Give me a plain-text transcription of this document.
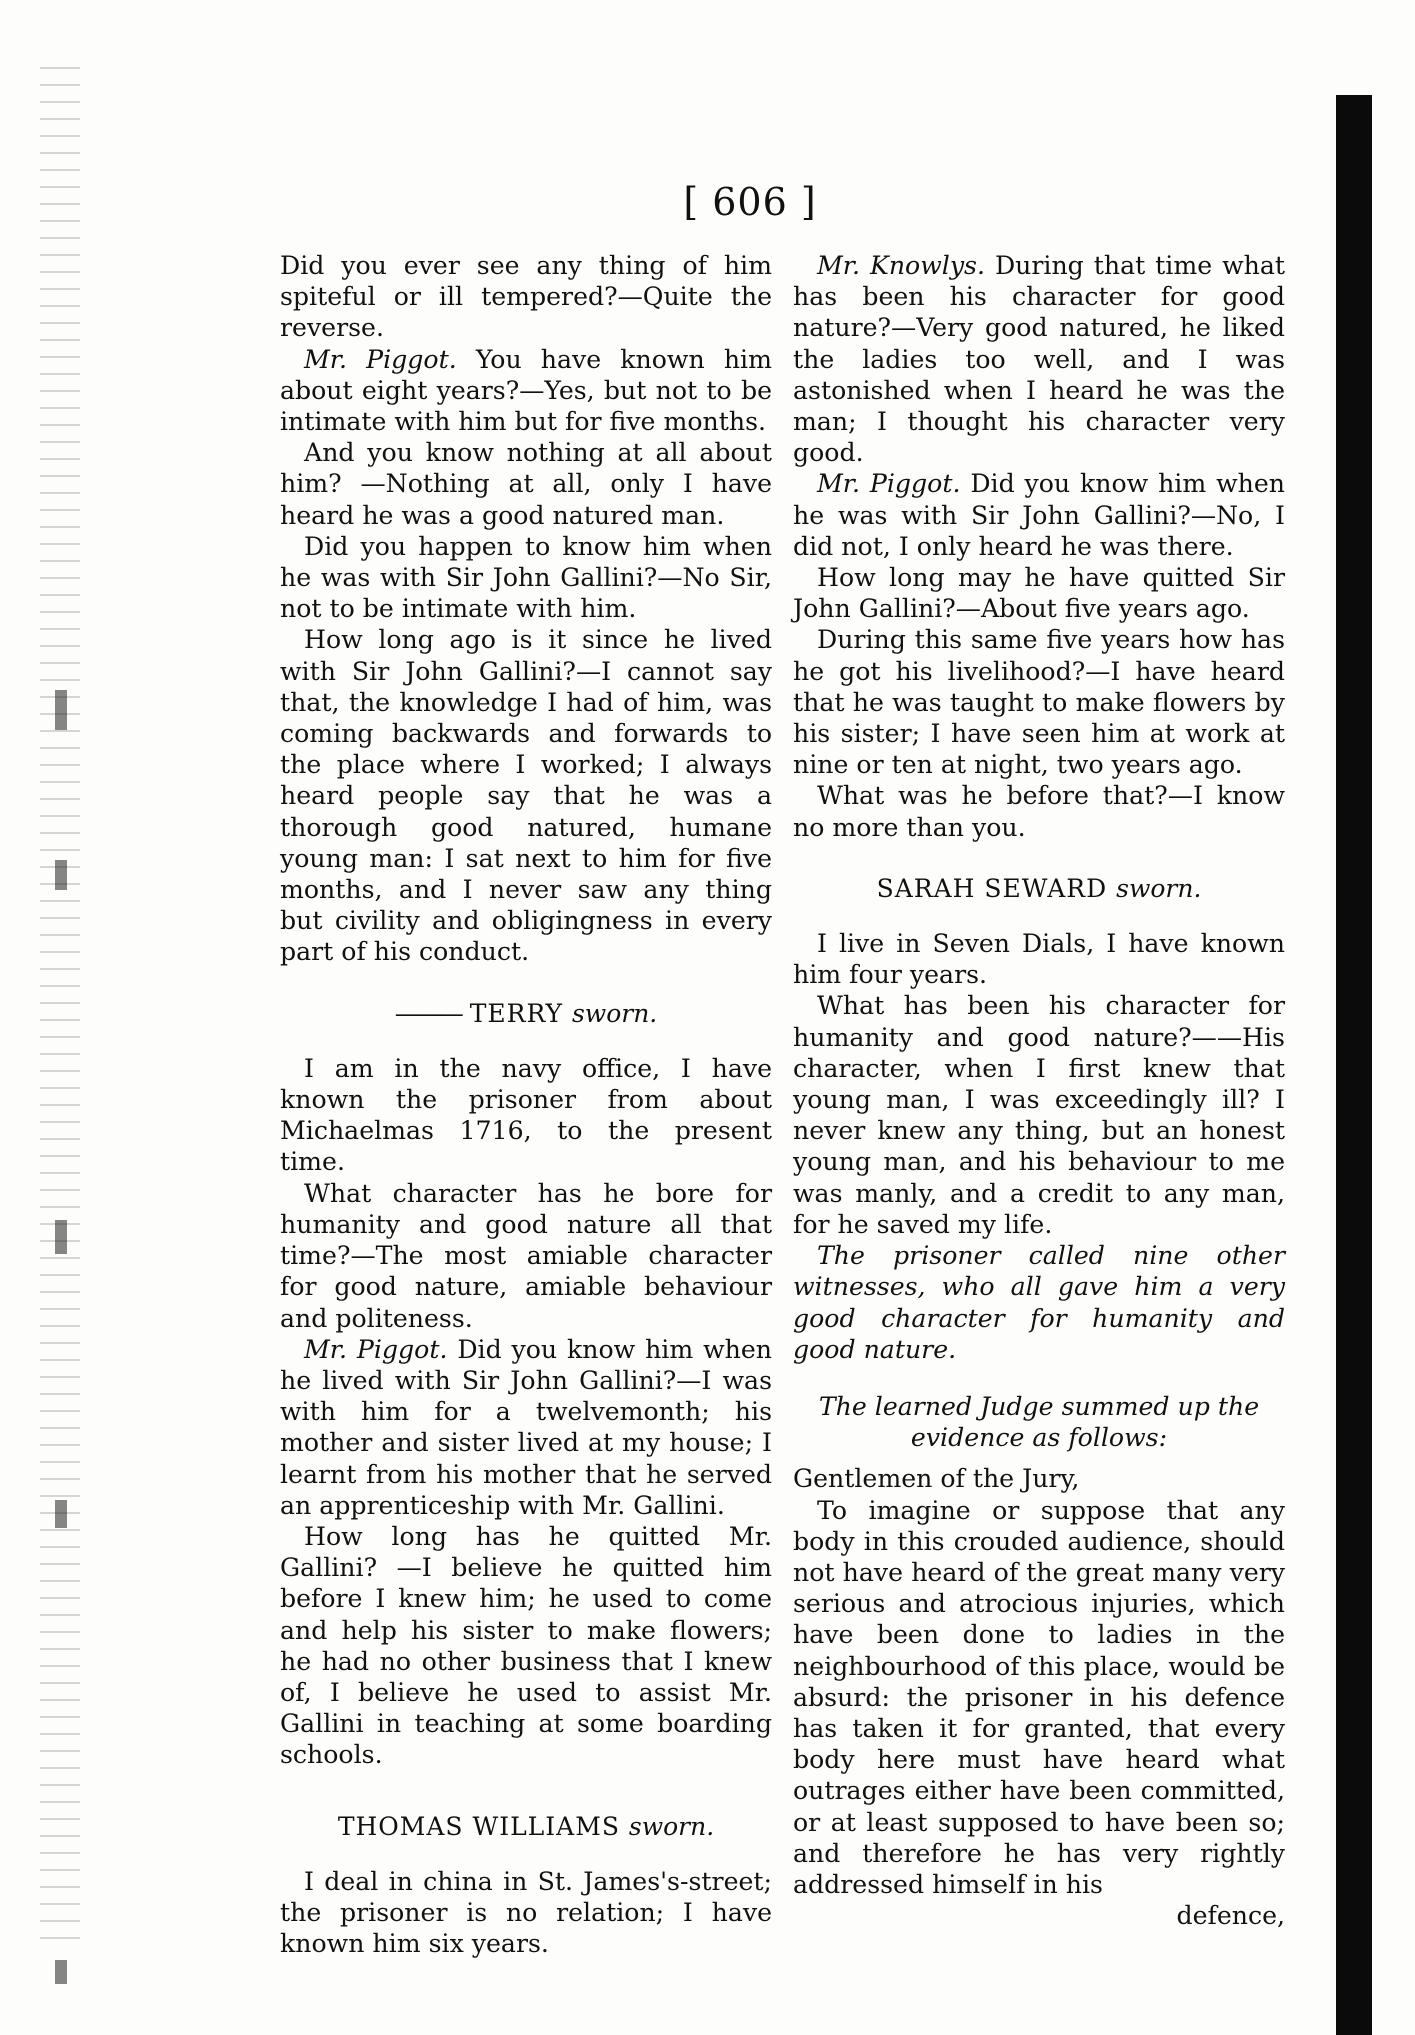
[ 606 ]

Did you ever see any thing of him spiteful or ill tempered?—Quite the reverse.

Mr. Piggot. You have known him about eight years?—Yes, but not to be intimate with him but for five months.

And you know nothing at all about him? —Nothing at all, only I have heard he was a good natured man.

Did you happen to know him when he was with Sir John Gallini?—No Sir, not to be intimate with him.

How long ago is it since he lived with Sir John Gallini?—I cannot say that, the knowledge I had of him, was coming backwards and forwards to the place where I worked; I always heard people say that he was a thorough good natured, humane young man: I sat next to him for five months, and I never saw any thing but civility and obligingness in every part of his conduct.

——— TERRY sworn.

I am in the navy office, I have known the prisoner from about Michaelmas 1716, to the present time.

What character has he bore for humanity and good nature all that time?—The most amiable character for good nature, amiable behaviour and politeness.

Mr. Piggot. Did you know him when he lived with Sir John Gallini?—I was with him for a twelvemonth; his mother and sister lived at my house; I learnt from his mother that he served an apprenticeship with Mr. Gallini.

How long has he quitted Mr. Gallini? —I believe he quitted him before I knew him; he used to come and help his sister to make flowers; he had no other business that I knew of, I believe he used to assist Mr. Gallini in teaching at some boarding schools.

THOMAS WILLIAMS sworn.

I deal in china in St. James's-street; the prisoner is no relation; I have known him six years.

Mr. Knowlys. During that time what has been his character for good nature?—Very good natured, he liked the ladies too well, and I was astonished when I heard he was the man; I thought his character very good.

Mr. Piggot. Did you know him when he was with Sir John Gallini?—No, I did not, I only heard he was there.

How long may he have quitted Sir John Gallini?—About five years ago.

During this same five years how has he got his livelihood?—I have heard that he was taught to make flowers by his sister; I have seen him at work at nine or ten at night, two years ago.

What was he before that?—I know no more than you.

SARAH SEWARD sworn.

I live in Seven Dials, I have known him four years.

What has been his character for humanity and good nature?——His character, when I first knew that young man, I was exceedingly ill? I never knew any thing, but an honest young man, and his behaviour to me was manly, and a credit to any man, for he saved my life.

The prisoner called nine other witnesses, who all gave him a very good character for humanity and good nature.

The learned Judge summed up the evidence as follows:

Gentlemen of the Jury,

To imagine or suppose that any body in this crouded audience, should not have heard of the great many very serious and atrocious injuries, which have been done to ladies in the neighbourhood of this place, would be absurd: the prisoner in his defence has taken it for granted, that every body here must have heard what outrages either have been committed, or at least supposed to have been so; and therefore he has very rightly addressed himself in his

defence,
